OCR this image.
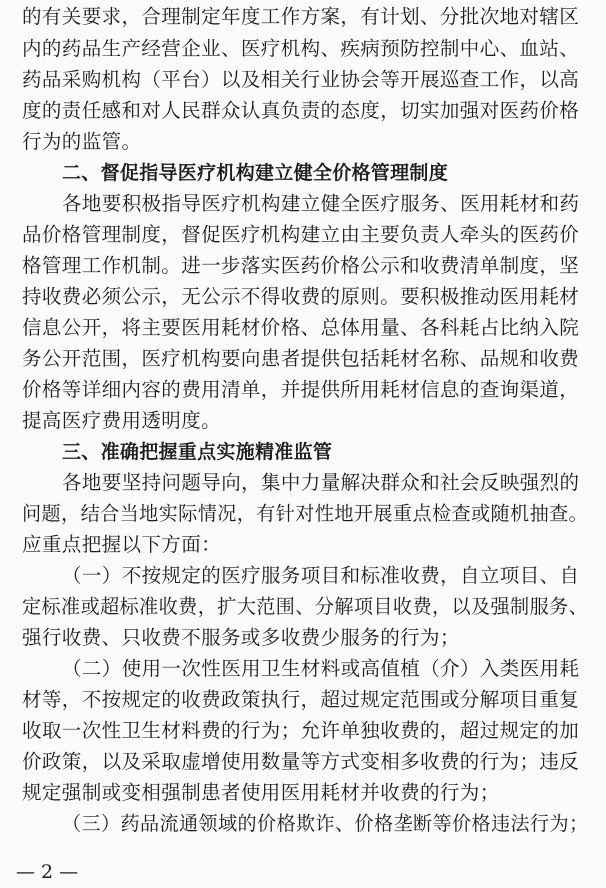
的有关要求，合理制定年度工作方案，有计划、分批次地对辖区
内的药品生产经营企业、医疗机构、疾病预防控制中心、血站、
药品采购机构（平台）以及相关行业协会等开展巡查工作，以高
度的责任感和对人民群众认真负责的态度，切实加强对医药价格
行为的监管。
二、督促指导医疗机构建立健全价格管理制度
各地要积极指导医疗机构建立健全医疗服务、医用耗材和药
品价格管理制度，督促医疗机构建立由主要负责人牵头的医药价
格管理工作机制。进一步落实医药价格公示和收费清单制度，坚
持收费必须公示，无公示不得收费的原则。要积极推动医用耗材
信息公开，将主要医用耗材价格、总体用量、各科耗占比纳入院
务公开范围，医疗机构要向患者提供包括耗材名称、品规和收费
价格等详细内容的费用清单，并提供所用耗材信息的查询渠道，
提高医疗费用透明度。
三、准确把握重点实施精准监管
各地要坚持问题导向，集中力量解决群众和社会反映强烈的
问题，结合当地实际情况，有针对性地开展重点检查或随机抽查。
应重点把握以下方面：
（一）不按规定的医疗服务项目和标准收费，自立项目、自
定标准或超标准收费，扩大范围、分解项目收费，以及强制服务、
强行收费、只收费不服务或多收费少服务的行为；
（二）使用一次性医用卫生材料或高值植（介）入类医用耗
材等，不按规定的收费政策执行，超过规定范围或分解项目重复
收取一次性卫生材料费的行为；允许单独收费的，超过规定的加
价政策，以及采取虚增使用数量等方式变相多收费的行为；违反
规定强制或变相强制患者使用医用耗材并收费的行为；
（三）药品流通领域的价格欺诈、价格垄断等价格违法行为；
— 2 —
